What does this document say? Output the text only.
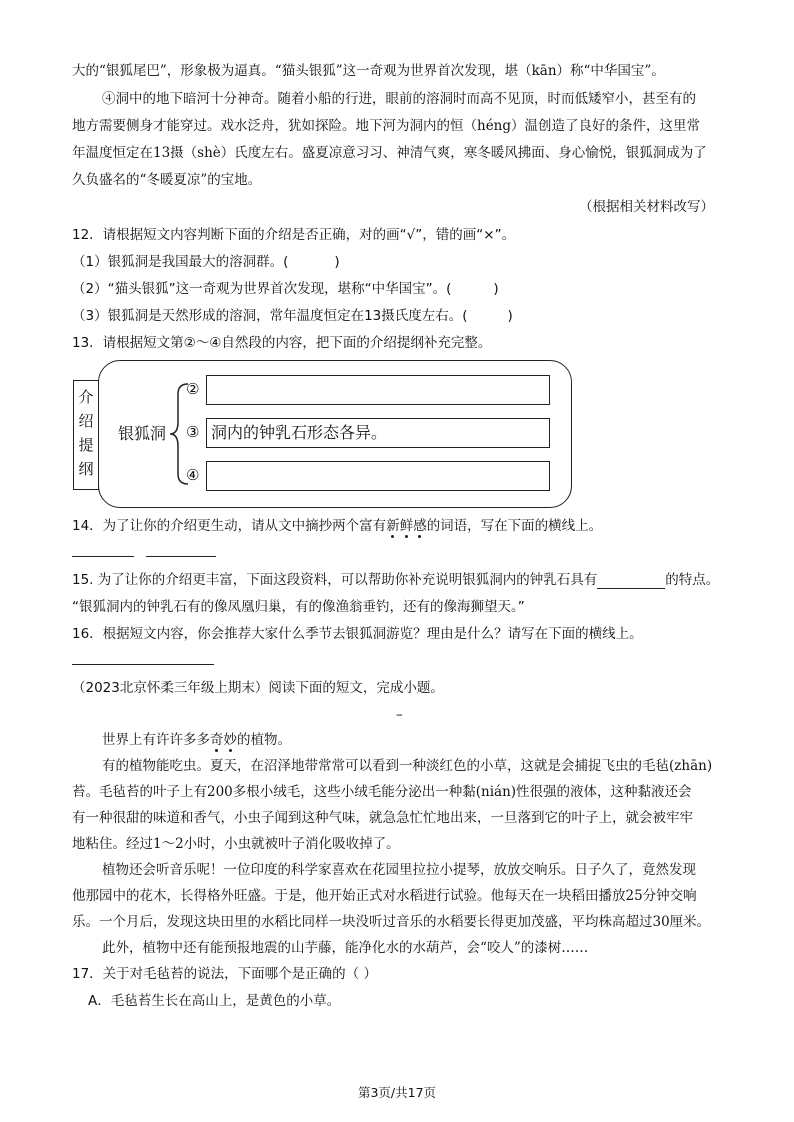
大的“银狐尾巴”，形象极为逼真。“猫头银狐”这一奇观为世界首次发现，堪（kān）称“中华国宝”。
④洞中的地下暗河十分神奇。随着小船的行进，眼前的溶洞时而高不见顶，时而低矮窄小，甚至有的
地方需要侧身才能穿过。戏水泛舟，犹如探险。地下河为洞内的恒（héng）温创造了良好的条件，这里常
年温度恒定在13摄（shè）氏度左右。盛夏凉意习习、神清气爽，寒冬暖风拂面、身心愉悦，银狐洞成为了
久负盛名的“冬暖夏凉”的宝地。
（根据相关材料改写）
12．请根据短文内容判断下面的介绍是否正确，对的画“√”，错的画“×”。
（1）银狐洞是我国最大的溶洞群。(	)
（2）“猫头银狐”这一奇观为世界首次发现，堪称“中华国宝”。(	)
（3）银狐洞是天然形成的溶洞，常年温度恒定在13摄氏度左右。(	)
13．请根据短文第②～④自然段的内容，把下面的介绍提纲补充完整。
介
绍
提
纲
银狐洞
②
③ 洞内的钟乳石形态各异。
④
14．为了让你的介绍更生动，请从文中摘抄两个富有新鲜感的词语，写在下面的横线上。
15. 为了让你的介绍更丰富，下面这段资料，可以帮助你补充说明银狐洞内的钟乳石具有	的特点。
“银狐洞内的钟乳石有的像凤凰归巢，有的像渔翁垂钓，还有的像海狮望天。”
16．根据短文内容，你会推荐大家什么季节去银狐洞游览？理由是什么？请写在下面的横线上。
（2023北京怀柔三年级上期末）阅读下面的短文，完成小题。
–
世界上有许许多多奇妙的植物。
有的植物能吃虫。夏天，在沼泽地带常常可以看到一种淡红色的小草，这就是会捕捉飞虫的毛毡(zhān)
苔。毛毡苔的叶子上有200多根小绒毛，这些小绒毛能分泌出一种黏(nián)性很强的液体，这种黏液还会
有一种很甜的味道和香气，小虫子闻到这种气味，就急急忙忙地出来，一旦落到它的叶子上，就会被牢牢
地粘住。经过1～2小时，小虫就被叶子消化吸收掉了。
植物还会听音乐呢！一位印度的科学家喜欢在花园里拉拉小提琴，放放交响乐。日子久了，竟然发现
他那园中的花木，长得格外旺盛。于是，他开始正式对水稻进行试验。他每天在一块稻田播放25分钟交响
乐。一个月后，发现这块田里的水稻比同样一块没听过音乐的水稻要长得更加茂盛，平均株高超过30厘米。
此外，植物中还有能预报地震的山芋藤，能净化水的水葫芦，会“咬人”的漆树……
17．关于对毛毡苔的说法，下面哪个是正确的（ ）
A．毛毡苔生长在高山上，是黄色的小草。
第3页/共17页
